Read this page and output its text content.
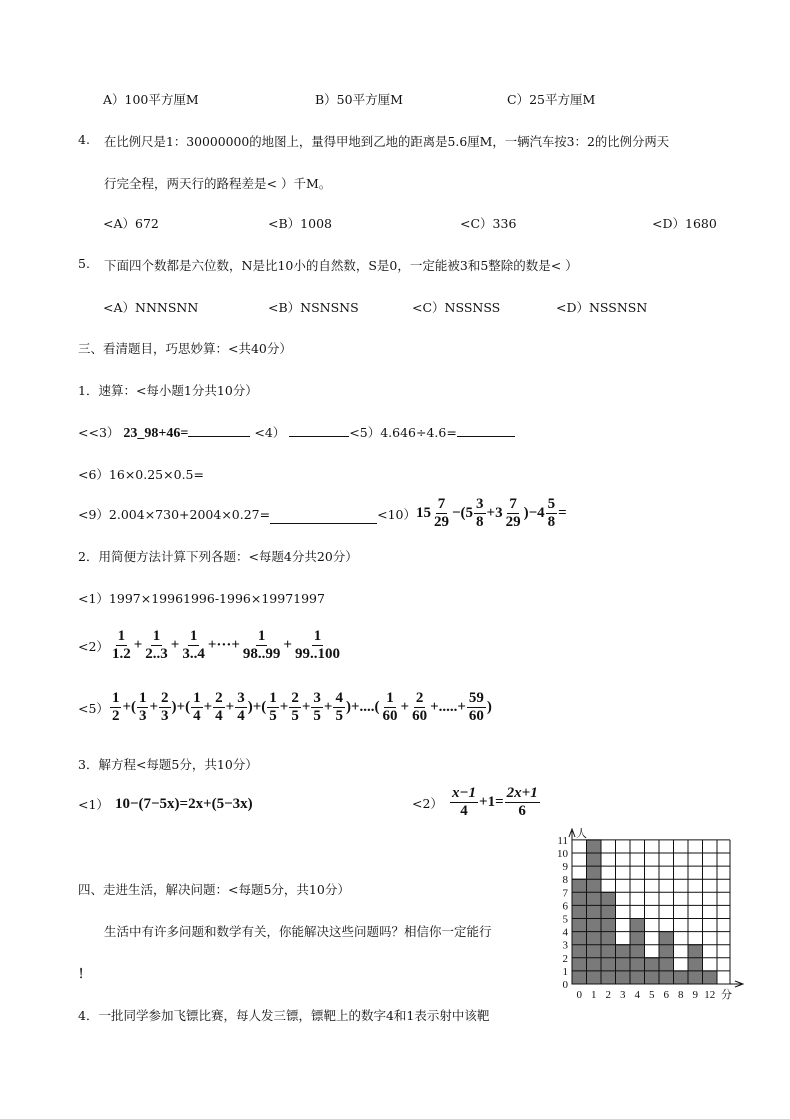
A）100平方厘M	B）50平方厘M	C）25平方厘M
4. 在比例尺是1：30000000的地图上，量得甲地到乙地的距离是5.6厘M，一辆汽车按3：2的比例分两天
行完全程，两天行的路程差是< ）千M。
<A）672	<B）1008	<C）336	<D）1680
5. 下面四个数都是六位数，N是比10小的自然数，S是0，一定能被3和5整除的数是< ）
<A）NNNSNN	<B）NSNSNS	<C）NSSNSS	<D）NSSNSN
三、看清题目，巧思妙算：<共40分）
1．速算：<每小题1分共10分）
<<3） 23_98+46=	<4）	<5）4.646÷4.6=
<6）16×0.25×0.5=
<9）2.004×730+2004×0.27=	<10） 15
7
29
−(5
3
8
+3
7
29
)$-4 \frac{5}{8}$ =
2．用简便方法计算下列各题：<每题4分共20分）
<1）1997×19961996-1996×19971997
<2）
1
1.2
+ $\frac{1}{2..3} + \frac{1}{3..4}$ +···+ $\frac{1}{98..99} + \frac{1}{99..100}$
<5）
1
2
+(
1
3
+ $\frac{2}{3}$ )+(
1
4
+ $\frac{2}{4} + \frac{3}{4}$ )+(
1
5
+ $\frac{2}{5} + \frac{3}{5} + \frac{4}{5}$ )+....(
1
60
+ $\frac{2}{60}$ +.....+ $\frac{59}{60}$ )
3．解方程<每题5分，共10分）
<1） 10−(7−5x)=2x+(5−3x)	<2）
x−1
4
$+1= \frac{2x+1}{6}$
四、走进生活，解决问题：<每题5分，共10分）
生活中有许多问题和数学有关，你能解决这些问题吗？相信你一定能行
！
4．一批同学参加飞镖比赛，每人发三镖，镖靶上的数字4和1表示射中该靶
0
1
2
3
4
5
6
7
8
9
10
11
0 1 2 3 4 5 6 8 9 12
人
分
